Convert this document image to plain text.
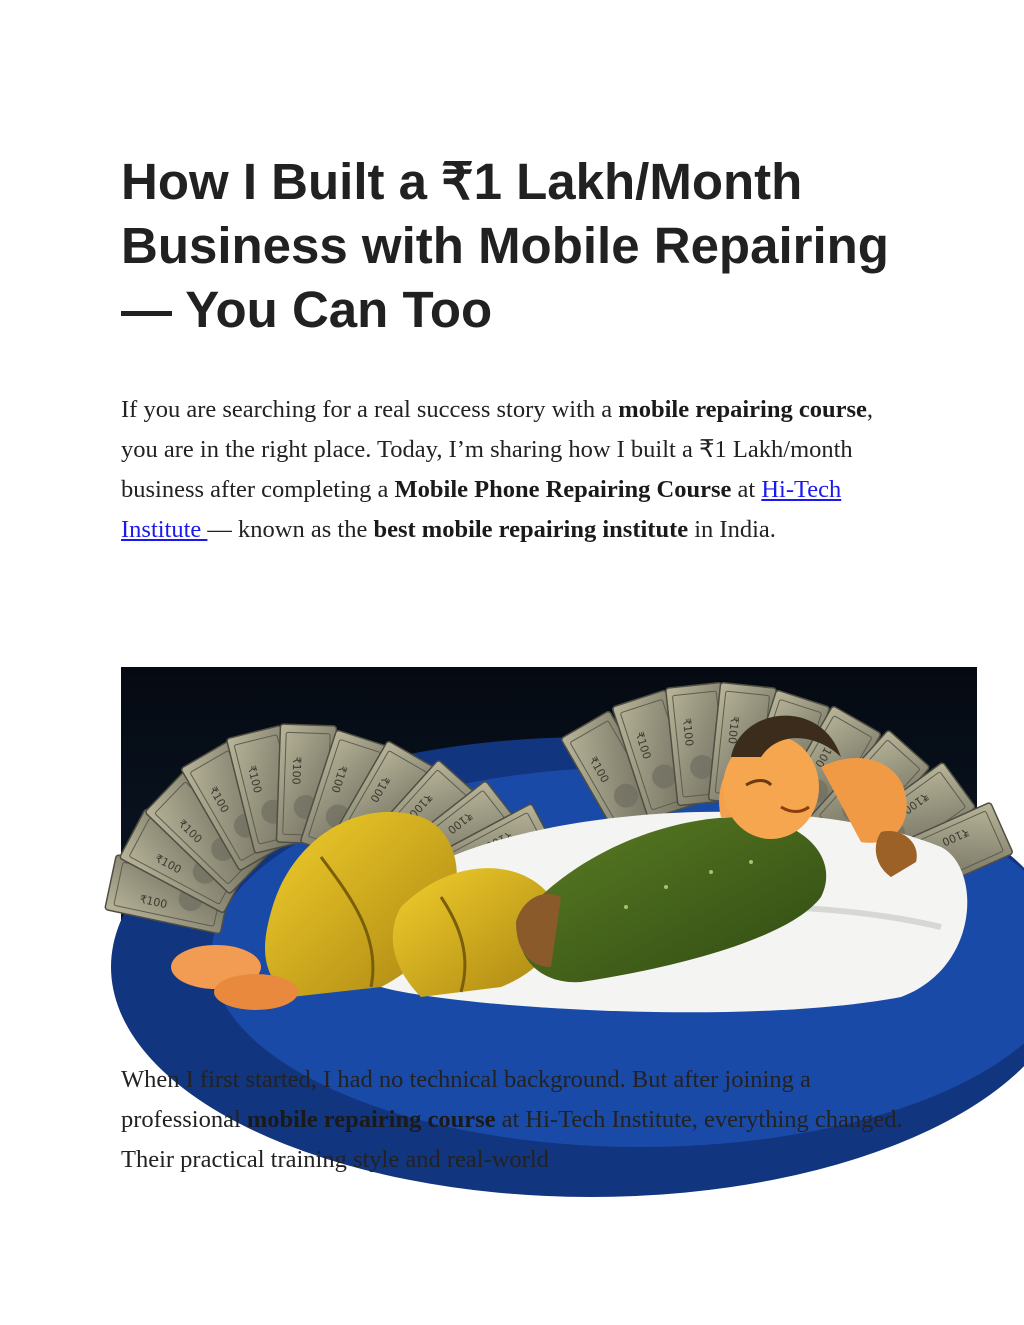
How I Built a ₹1 Lakh/Month Business with Mobile Repairing — You Can Too

If you are searching for a real success story with a mobile repairing course, you are in the right place. Today, I’m sharing how I built a ₹1 Lakh/month business after completing a Mobile Phone Repairing Course at Hi-Tech Institute — known as the best mobile repairing institute in India.

₹100

When I first started, I had no technical background. But after joining a professional mobile repairing course at Hi-Tech Institute, everything changed. Their practical training style and real-world
